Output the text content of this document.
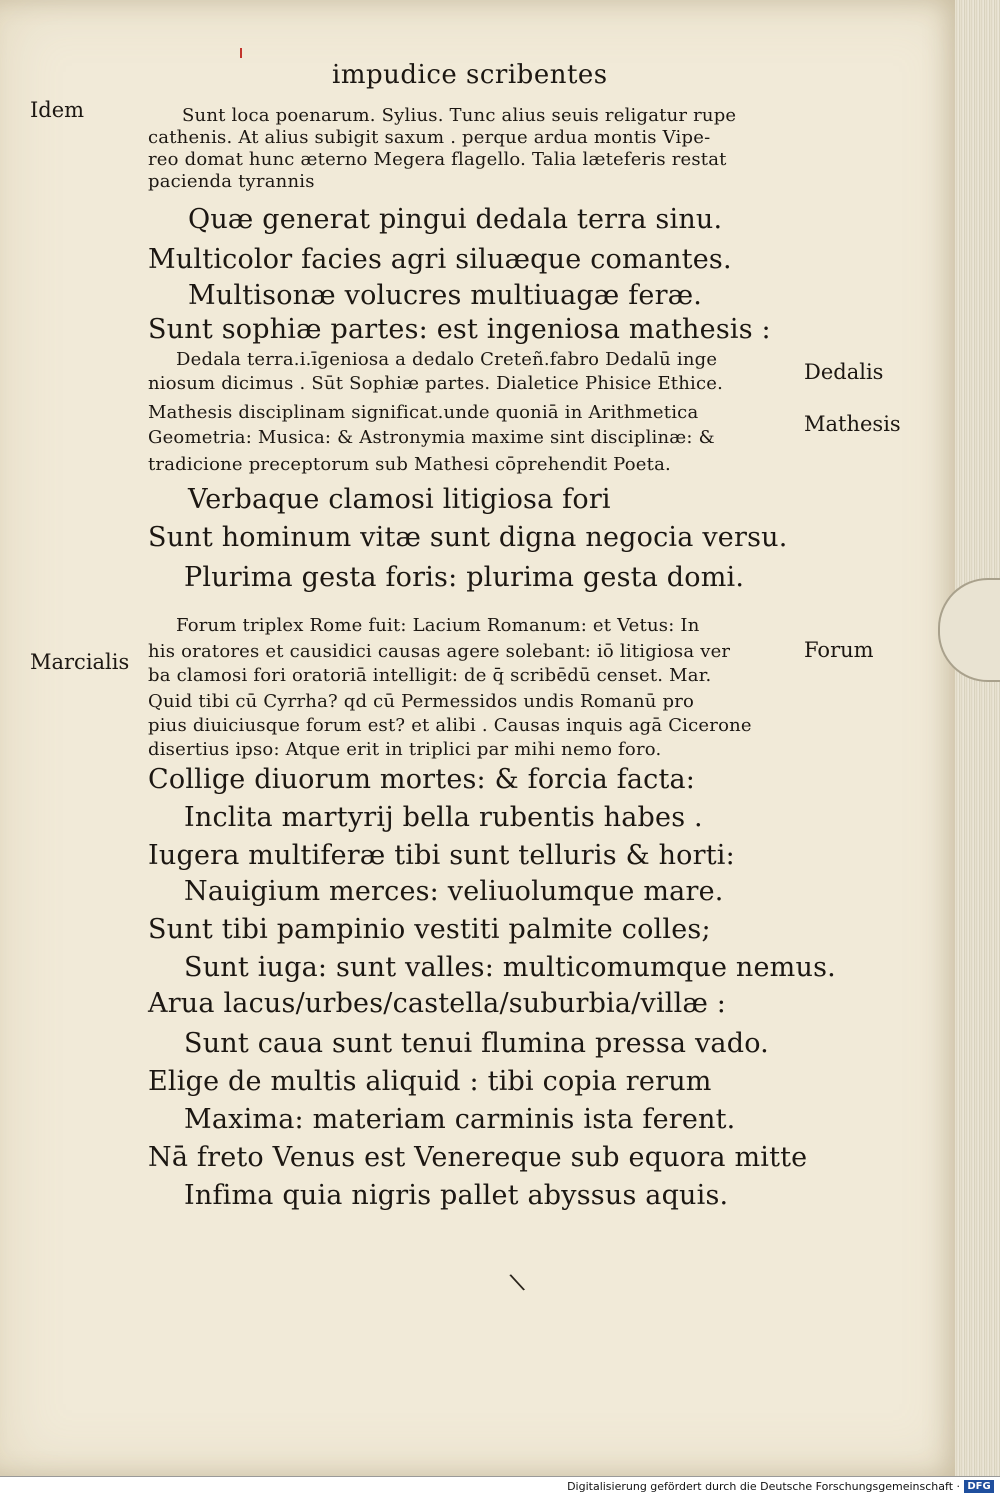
impudice scribentes
Idem
Dedalis
Mathesis
Marcialis	Forum
Sunt loca poenarum. Sylius. Tunc alius seuis religatur rupe
cathenis. At alius subigit saxum . perque ardua montis Vipe-
reo domat hunc æterno Megera flagello. Talia læteferis restat
pacienda tyrannis
Quæ generat pingui dedala terra sinu.
Multicolor facies agri siluæque comantes.
Multisonæ volucres multiuagæ feræ.
Sunt sophiæ partes: est ingeniosa mathesis :
Dedala terra.i.īgeniosa a dedalo Creteñ.fabro Dedalū inge
niosum dicimus . Sūt Sophiæ partes. Dialetice Phisice Ethice.
Mathesis disciplinam significat.unde quoniā in Arithmetica
Geometria: Musica: & Astronymia maxime sint disciplinæ: &
tradicione preceptorum sub Mathesi cōprehendit Poeta.
Verbaque clamosi litigiosa fori
Sunt hominum vitæ sunt digna negocia versu.
Plurima gesta foris: plurima gesta domi.
Forum triplex Rome fuit: Lacium Romanum: et Vetus: In
his oratores et causidici causas agere solebant: iō litigiosa ver
ba clamosi fori oratoriā intelligit: de q̄ scribēdū censet. Mar.
Quid tibi cū Cyrrha? qd cū Permessidos undis Romanū pro
pius diuiciusque forum est? et alibi . Causas inquis agā Cicerone
disertius ipso: Atque erit in triplici par mihi nemo foro.
Collige diuorum mortes: & forcia facta:
Inclita martyrij bella rubentis habes .
Iugera multiferæ tibi sunt telluris & horti:
Nauigium merces: veliuolumque mare.
Sunt tibi pampinio vestiti palmite colles;
Sunt iuga: sunt valles: multicomumque nemus.
Arua lacus/urbes/castella/suburbia/villæ :
Sunt caua sunt tenui flumina pressa vado.
Elige de multis aliquid : tibi copia rerum
Maxima: materiam carminis ista ferent.
Nā freto Venus est Venereque sub equora mitte
Infima quia nigris pallet abyssus aquis.
\
Digitalisierung gefördert durch die Deutsche Forschungsgemeinschaft · DFG
